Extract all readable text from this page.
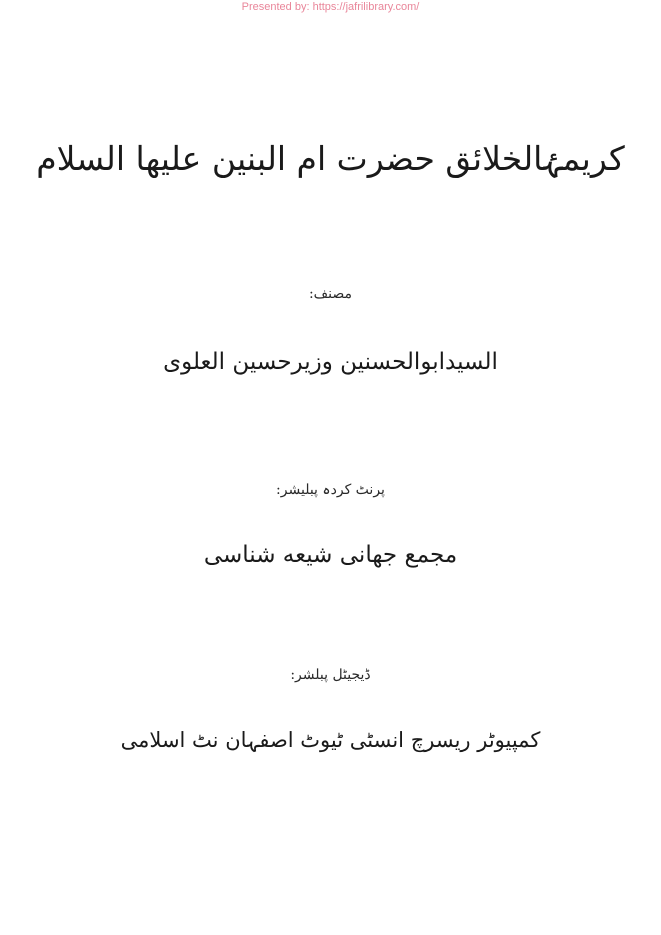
Presented by: https://jafrilibrary.com/
کریمۂالخلائق حضرت ام البنین علیها السلام
مصنف:
السیدابوالحسنین وزیرحسین العلوی
پرنٹ کردہ پبلیشر:
مجمع جهانی شیعه شناسی
ڈیجیٹل پبلشر:
کمپیوٹر ریسرچ انسٹی ٹیوٹ اصفہان نٹ اسلامی
